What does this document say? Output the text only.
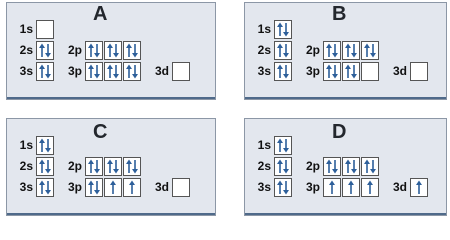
A
1s
2s	2p
3s	3p	3d
B
1s
2s	2p
3s	3p	3d
C
1s
2s	2p
3s	3p	3d
D
1s
2s	2p
3s	3p	3d
